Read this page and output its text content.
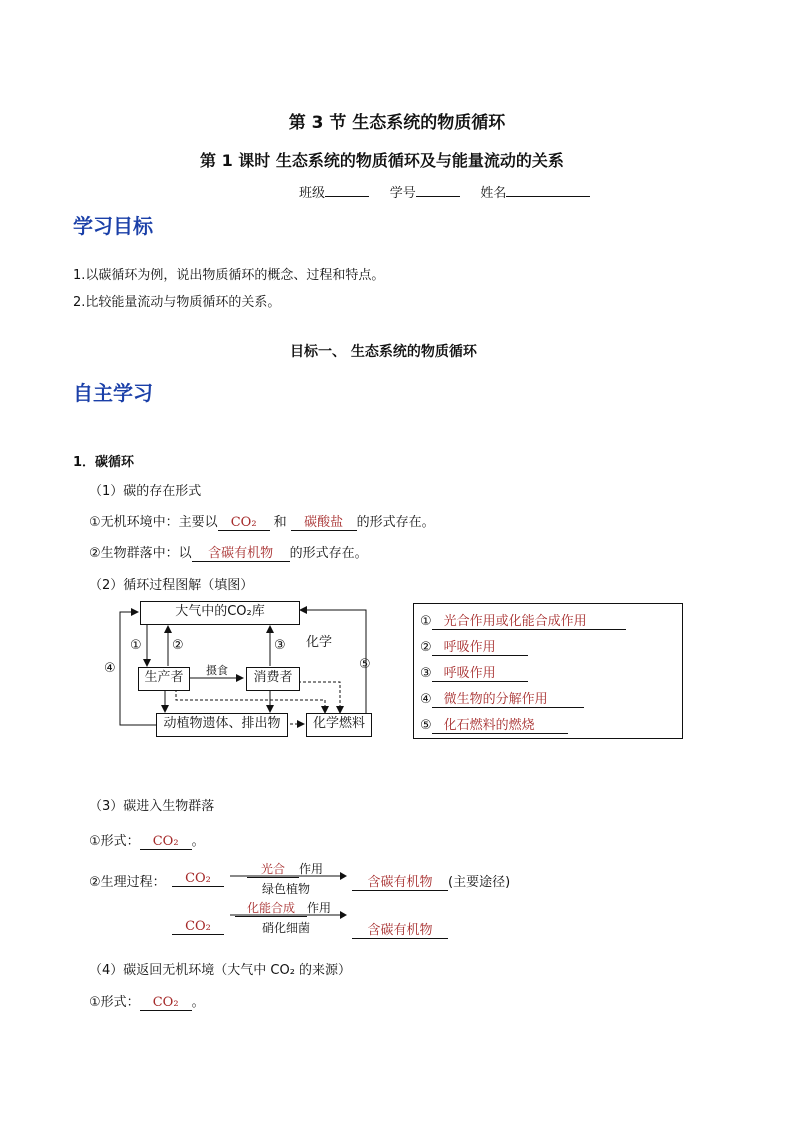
第 3 节 生态系统的物质循环
第 1 课时 生态系统的物质循环及与能量流动的关系
班级	学号	姓名
学习目标
1.以碳循环为例，说出物质循环的概念、过程和特点。
2.比较能量流动与物质循环的关系。
目标一、 生态系统的物质循环
自主学习
1．碳循环
（1）碳的存在形式
①无机环境中：主要以 CO₂ 和 碳酸盐 的形式存在。
②生物群落中：以 含碳有机物 的形式存在。
（2）循环过程图解（填图）
大气中的CO₂库
生产者	消费者
动植物遗体、排出物	化学燃料
摄食
化学
① ②	③
④	⑤
① 光合作用或化能合成作用
② 呼吸作用
③ 呼吸作用
④ 微生物的分解作用
⑤ 化石燃料的燃烧
（3）碳进入生物群落
①形式： CO₂ 。
②生理过程：	CO₂
光合 作用
绿色植物	含碳有机物 (主要途径)
CO₂
化能合成 作用
硝化细菌	含碳有机物
（4）碳返回无机环境（大气中 CO₂ 的来源）
①形式： CO₂ 。
